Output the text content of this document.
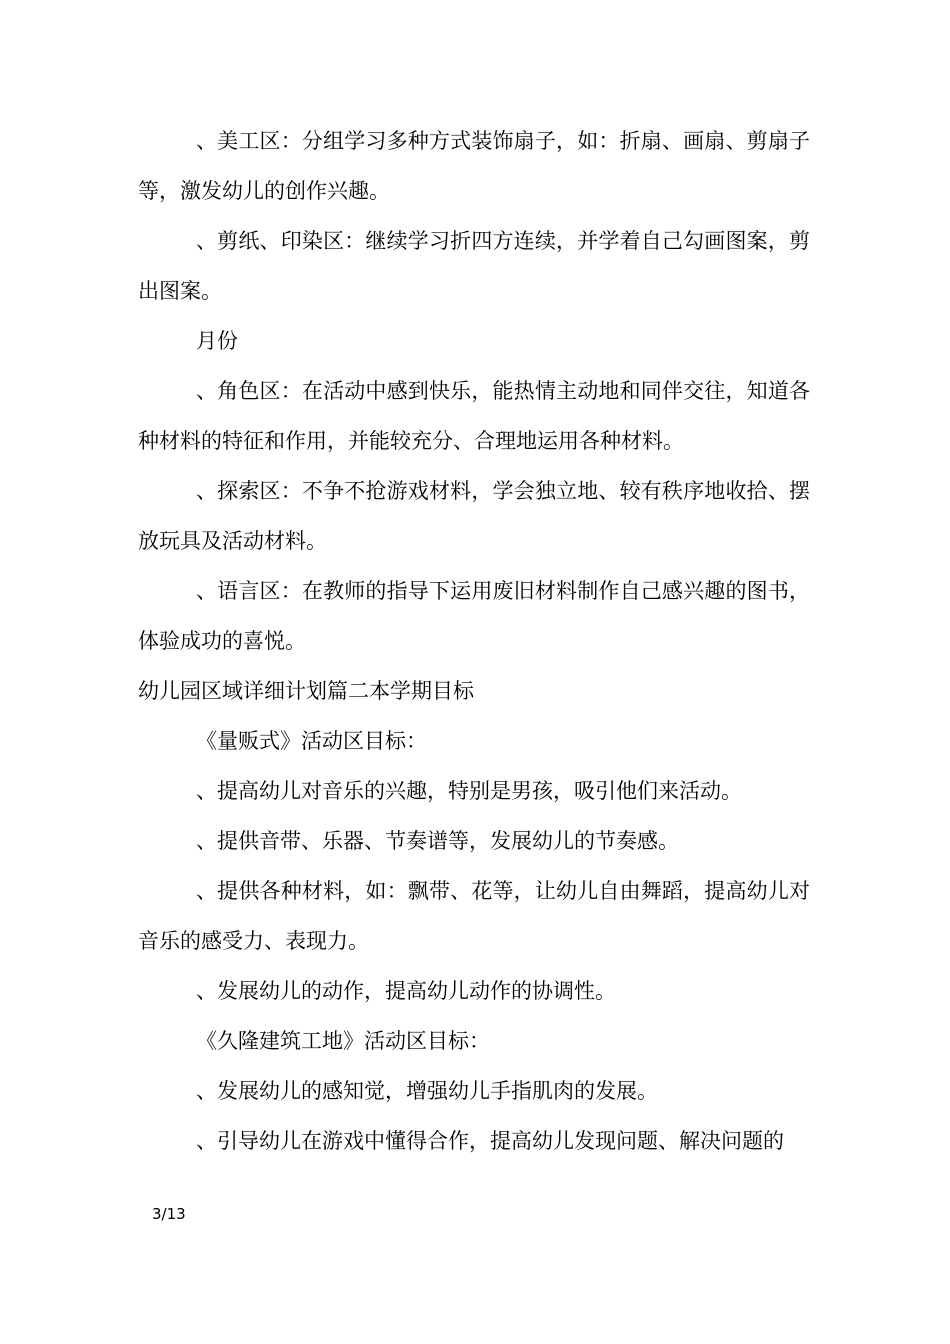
、美工区：分组学习多种方式装饰扇子，如：折扇、画扇、剪扇子等，激发幼儿的创作兴趣。

、剪纸、印染区：继续学习折四方连续，并学着自己勾画图案，剪出图案。

月份

、角色区：在活动中感到快乐，能热情主动地和同伴交往，知道各种材料的特征和作用，并能较充分、合理地运用各种材料。

、探索区：不争不抢游戏材料，学会独立地、较有秩序地收拾、摆放玩具及活动材料。

、语言区：在教师的指导下运用废旧材料制作自己感兴趣的图书，体验成功的喜悦。

幼儿园区域详细计划篇二本学期目标

《量贩式》活动区目标：

、提高幼儿对音乐的兴趣，特别是男孩，吸引他们来活动。

、提供音带、乐器、节奏谱等，发展幼儿的节奏感。

、提供各种材料，如：飘带、花等，让幼儿自由舞蹈，提高幼儿对音乐的感受力、表现力。

、发展幼儿的动作，提高幼儿动作的协调性。

《久隆建筑工地》活动区目标：

、发展幼儿的感知觉，增强幼儿手指肌肉的发展。

、引导幼儿在游戏中懂得合作，提高幼儿发现问题、解决问题的

3/13
